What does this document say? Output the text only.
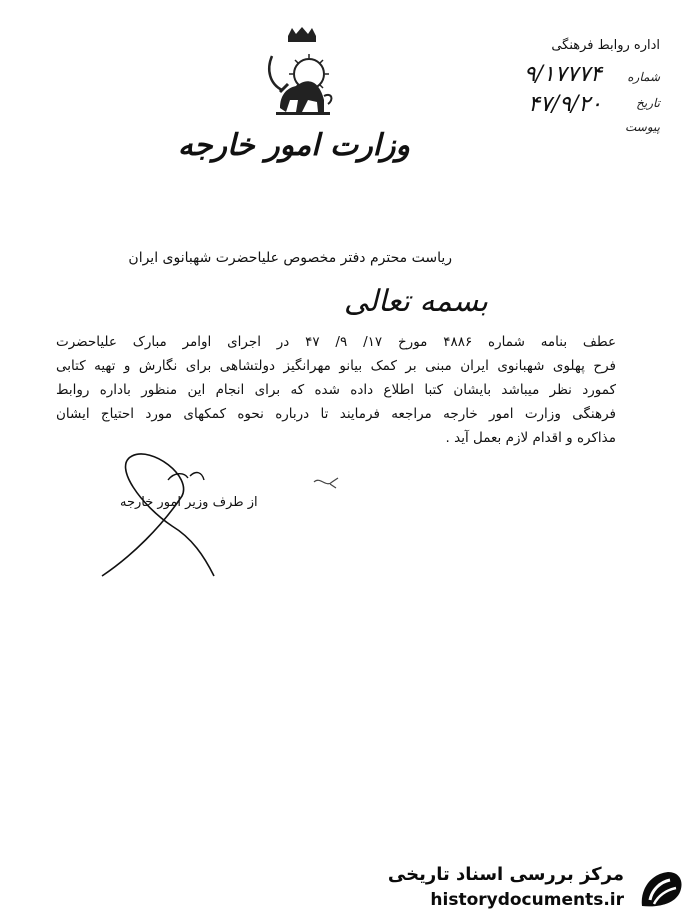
وزارت امور خارجه
اداره روابط فرهنگی
شماره
۹/۱۷۷۷۴
تاریخ
۴۷/۹/۲۰
پیوست
ریاست محترم دفتر مخصوص علیاحضرت شهبانوی ایران
بسمه تعالی
عطف بنامه شماره ۴۸۸۶ مورخ ۱۷/ ۹/ ۴۷ در اجرای اوامر مبارک علیاحضرت
فرح پهلوی شهبانوی ایران مبنی بر کمک بیانو مهرانگیز دولتشاهی برای نگارش و تهیه کتابی
کمورد نظر میباشد بایشان کتبا اطلاع داده شده که برای انجام این منظور باداره روابط
فرهنگی وزارت امور خارجه مراجعه فرمایند تا درباره نحوه کمکهای مورد احتیاج ایشان
مذاکره و اقدام لازم بعمل آید .
از طرف وزیر امور خارجه
مرکز بررسی اسناد تاریخی
historydocuments.ir
